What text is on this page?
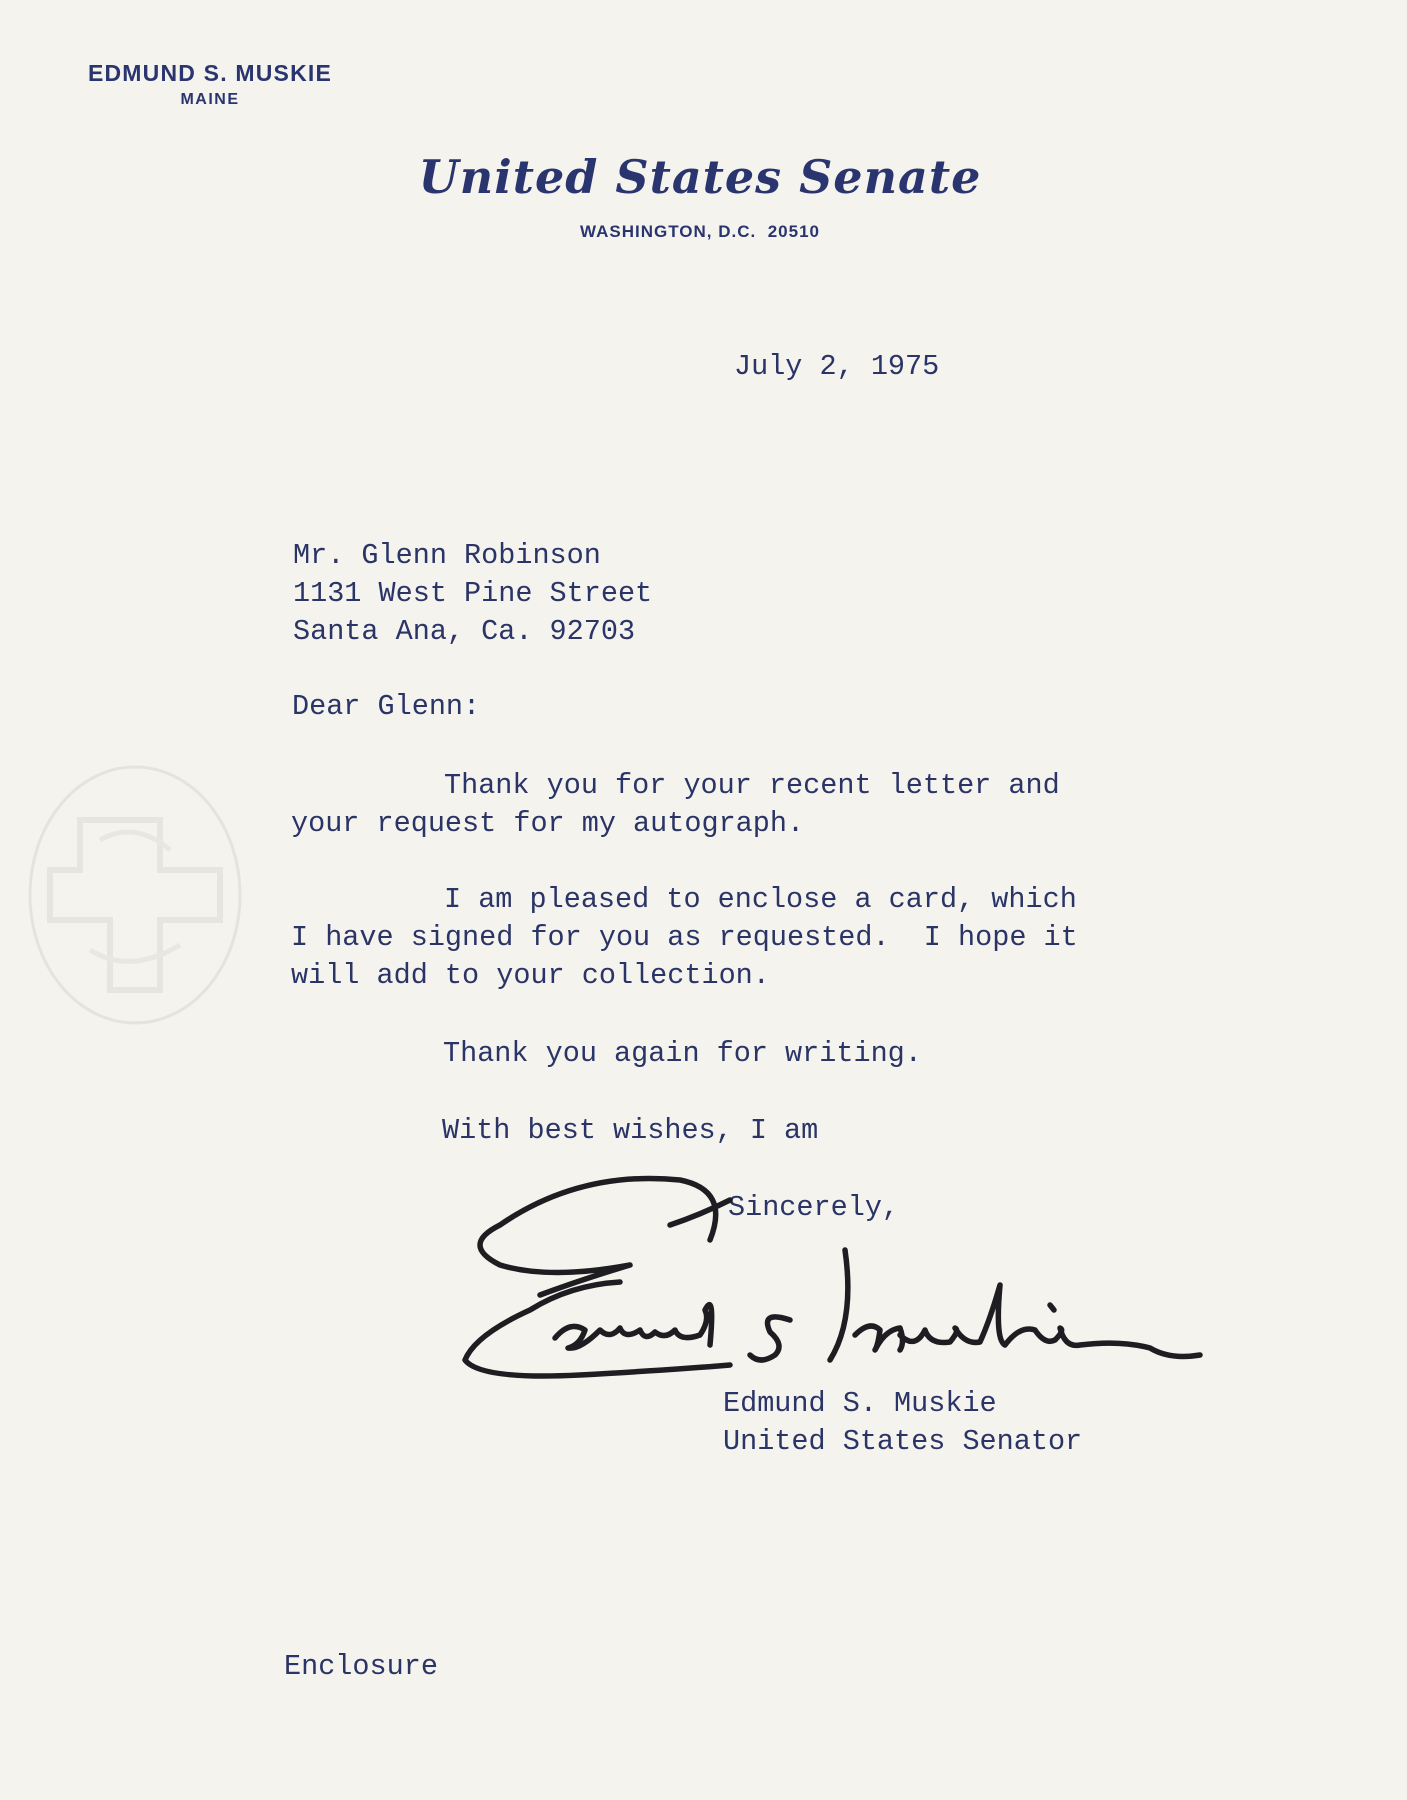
EDMUND S. MUSKIE
MAINE
United States Senate
WASHINGTON, D.C. 20510
July 2, 1975
Mr. Glenn Robinson
1131 West Pine Street
Santa Ana, Ca. 92703
Dear Glenn:
Thank you for your recent letter and
your request for my autograph.
I am pleased to enclose a card, which
I have signed for you as requested.  I hope it
will add to your collection.
Thank you again for writing.
With best wishes, I am
Sincerely,
Edmund S. Muskie
United States Senator
Enclosure
